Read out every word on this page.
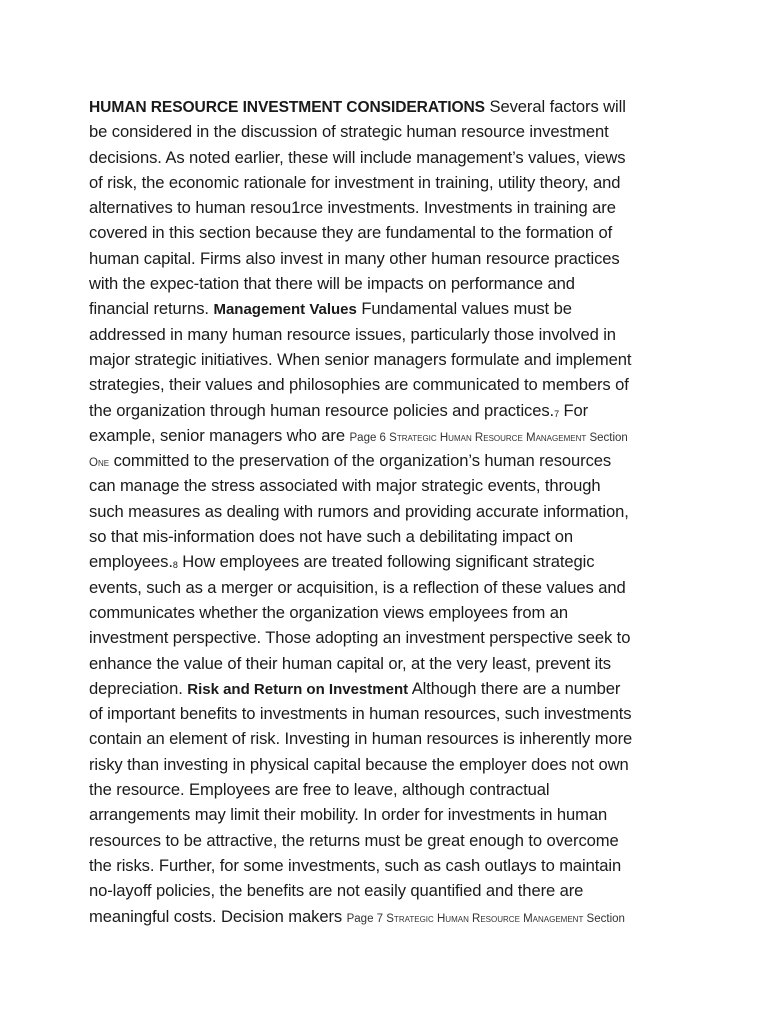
HUMAN RESOURCE INVESTMENT CONSIDERATIONS Several factors will
be considered in the discussion of strategic human resource investment
decisions. As noted earlier, these will include management’s values, views
of risk, the economic rationale for investment in training, utility theory, and
alternatives to human resou1rce investments. Investments in training are
covered in this section because they are fundamental to the formation of
human capital. Firms also invest in many other human resource practices
with the expec-tation that there will be impacts on performance and
financial returns. Management Values Fundamental values must be
addressed in many human resource issues, particularly those involved in
major strategic initiatives. When senior managers formulate and implement
strategies, their values and philosophies are communicated to members of
the organization through human resource policies and practices.7 For
example, senior managers who are Page 6 Strategic Human Resource Management Section
One committed to the preservation of the organization’s human resources
can manage the stress associated with major strategic events, through
such measures as dealing with rumors and providing accurate information,
so that mis-information does not have such a debilitating impact on
employees.8 How employees are treated following significant strategic
events, such as a merger or acquisition, is a reflection of these values and
communicates whether the organization views employees from an
investment perspective. Those adopting an investment perspective seek to
enhance the value of their human capital or, at the very least, prevent its
depreciation. Risk and Return on Investment Although there are a number
of important benefits to investments in human resources, such investments
contain an element of risk. Investing in human resources is inherently more
risky than investing in physical capital because the employer does not own
the resource. Employees are free to leave, although contractual
arrangements may limit their mobility. In order for investments in human
resources to be attractive, the returns must be great enough to overcome
the risks. Further, for some investments, such as cash outlays to maintain
no-layoff policies, the benefits are not easily quantified and there are
meaningful costs. Decision makers Page 7 Strategic Human Resource Management Section
